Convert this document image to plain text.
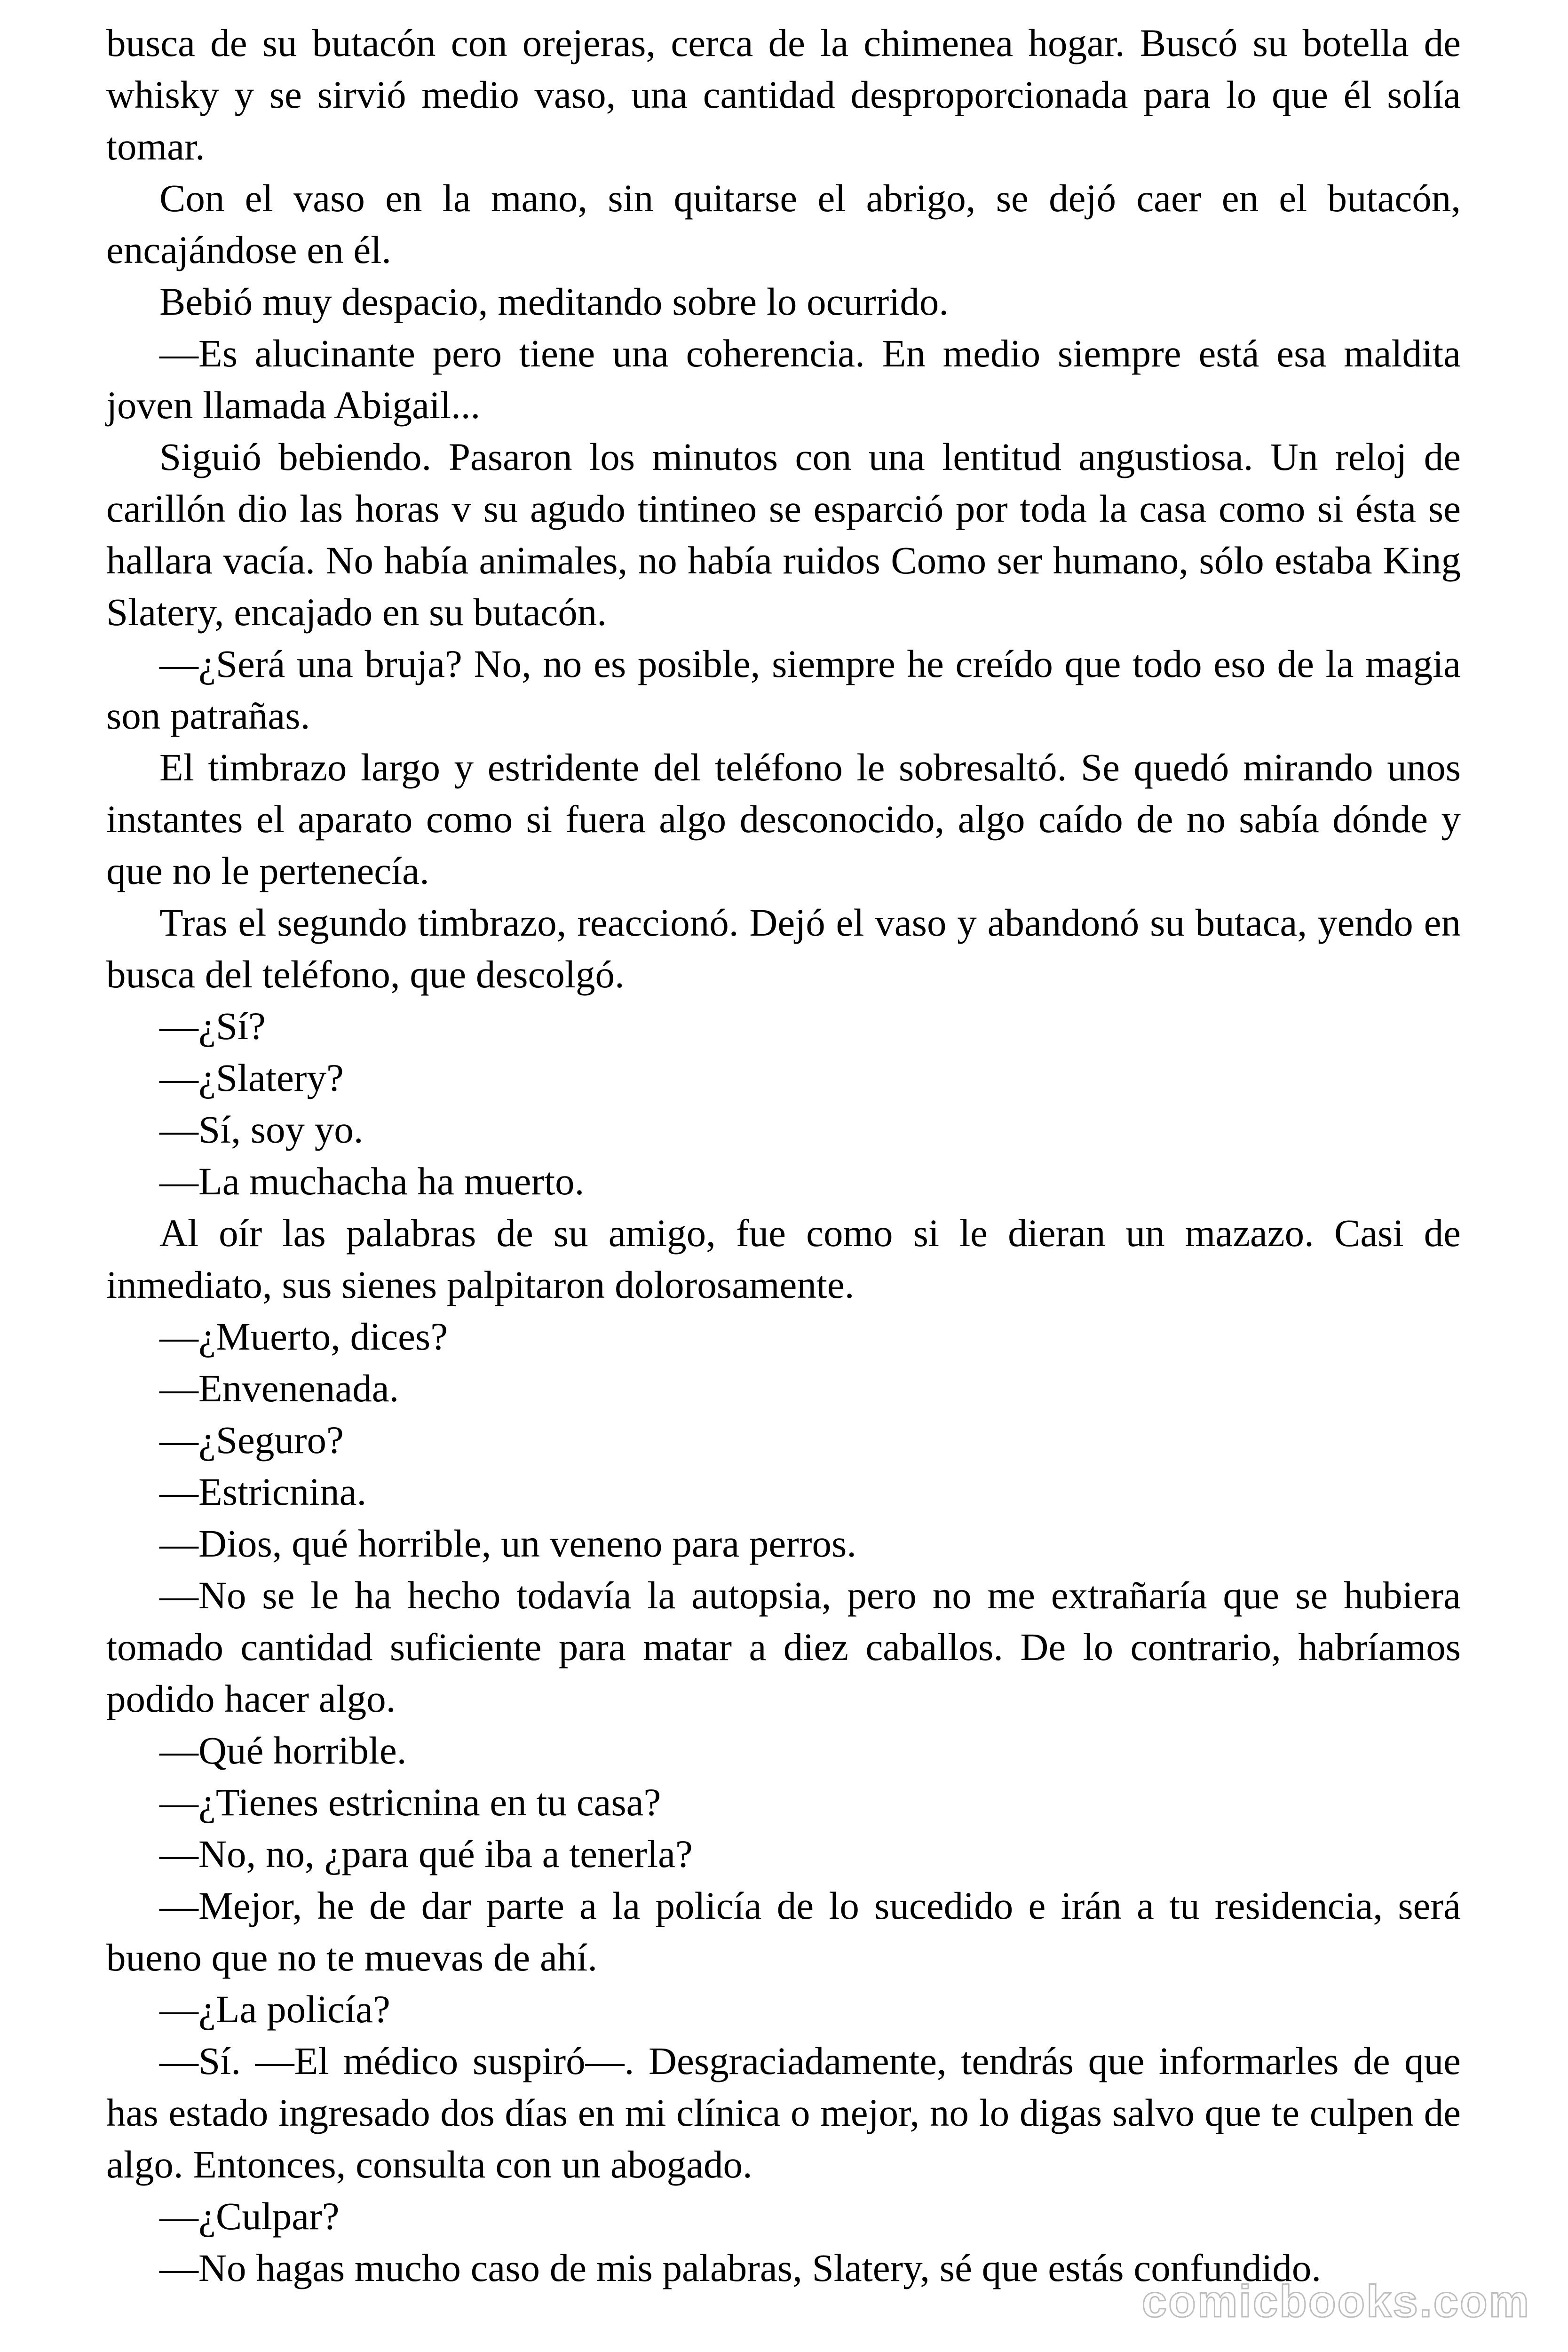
busca de su butacón con orejeras, cerca de la chimenea hogar. Buscó su botella de whisky y se sirvió medio vaso, una cantidad desproporcionada para lo que él solía tomar.

Con el vaso en la mano, sin quitarse el abrigo, se dejó caer en el butacón, encajándose en él.

Bebió muy despacio, meditando sobre lo ocurrido.

—Es alucinante pero tiene una coherencia. En medio siempre está esa maldita joven llamada Abigail...

Siguió bebiendo. Pasaron los minutos con una lentitud angustiosa. Un reloj de carillón dio las horas v su agudo tintineo se esparció por toda la casa como si ésta se hallara vacía. No había animales, no había ruidos Como ser humano, sólo estaba King Slatery, encajado en su butacón.

—¿Será una bruja? No, no es posible, siempre he creído que todo eso de la magia son patrañas.

El timbrazo largo y estridente del teléfono le sobresaltó. Se quedó mirando unos instantes el aparato como si fuera algo desconocido, algo caído de no sabía dónde y que no le pertenecía.

Tras el segundo timbrazo, reaccionó. Dejó el vaso y abandonó su butaca, yendo en busca del teléfono, que descolgó.

—¿Sí?

—¿Slatery?

—Sí, soy yo.

—La muchacha ha muerto.

Al oír las palabras de su amigo, fue como si le dieran un mazazo. Casi de inmediato, sus sienes palpitaron dolorosamente.

—¿Muerto, dices?

—Envenenada.

—¿Seguro?

—Estricnina.

—Dios, qué horrible, un veneno para perros.

—No se le ha hecho todavía la autopsia, pero no me extrañaría que se hubiera tomado cantidad suficiente para matar a diez caballos. De lo contrario, habríamos podido hacer algo.

—Qué horrible.

—¿Tienes estricnina en tu casa?

—No, no, ¿para qué iba a tenerla?

—Mejor, he de dar parte a la policía de lo sucedido e irán a tu residencia, será bueno que no te muevas de ahí.

—¿La policía?

—Sí. —El médico suspiró—. Desgraciadamente, tendrás que informarles de que has estado ingresado dos días en mi clínica o mejor, no lo digas salvo que te culpen de algo. Entonces, consulta con un abogado.

—¿Culpar?

—No hagas mucho caso de mis palabras, Slatery, sé que estás confundido.

comicbooks.com
